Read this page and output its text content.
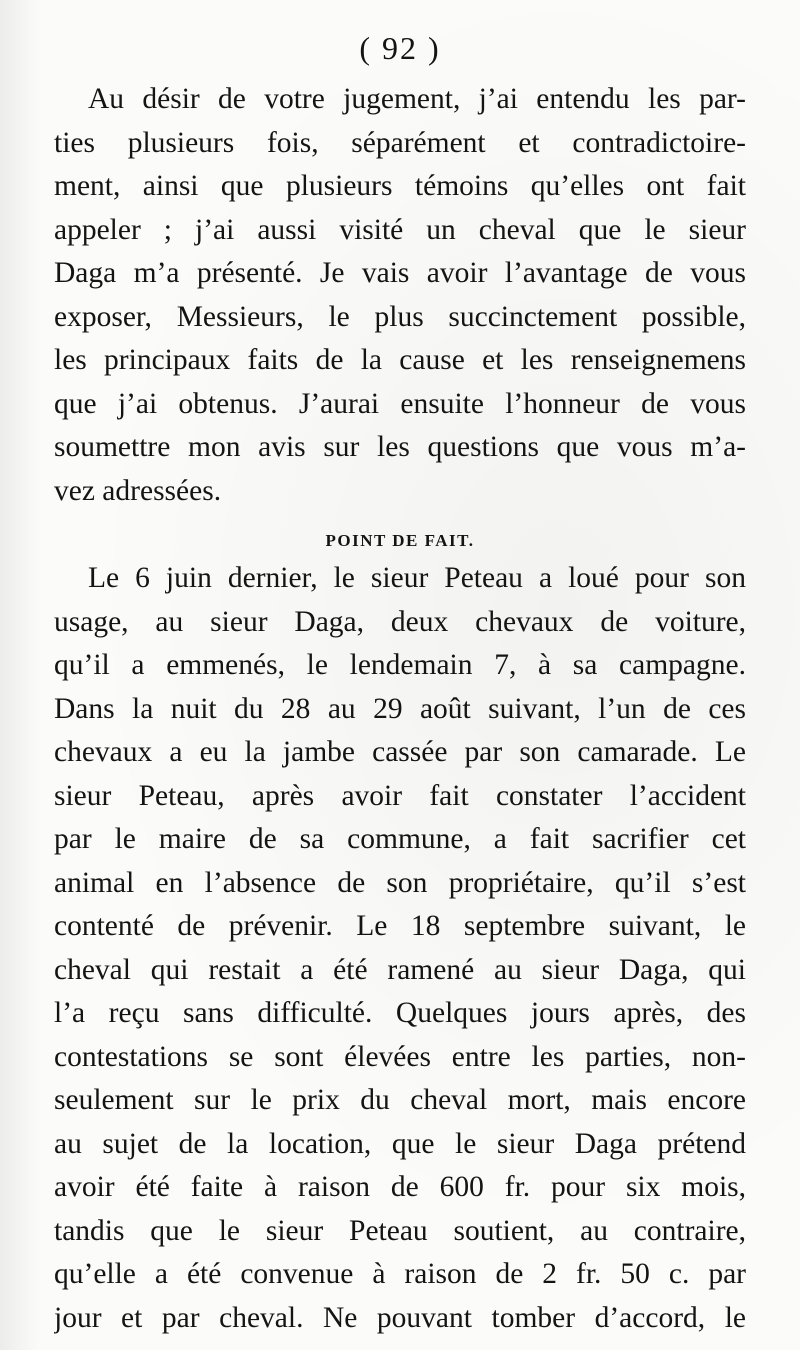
( 92 )
Au désir de votre jugement, j’ai entendu les par-
ties plusieurs fois, séparément et contradictoire-
ment, ainsi que plusieurs témoins qu’elles ont fait
appeler ; j’ai aussi visité un cheval que le sieur
Daga m’a présenté. Je vais avoir l’avantage de vous
exposer, Messieurs, le plus succinctement possible,
les principaux faits de la cause et les renseignemens
que j’ai obtenus. J’aurai ensuite l’honneur de vous
soumettre mon avis sur les questions que vous m’a-
vez adressées.
POINT DE FAIT.
Le 6 juin dernier, le sieur Peteau a loué pour son
usage, au sieur Daga, deux chevaux de voiture,
qu’il a emmenés, le lendemain 7, à sa campagne.
Dans la nuit du 28 au 29 août suivant, l’un de ces
chevaux a eu la jambe cassée par son camarade. Le
sieur Peteau, après avoir fait constater l’accident
par le maire de sa commune, a fait sacrifier cet
animal en l’absence de son propriétaire, qu’il s’est
contenté de prévenir. Le 18 septembre suivant, le
cheval qui restait a été ramené au sieur Daga, qui
l’a reçu sans difficulté. Quelques jours après, des
contestations se sont élevées entre les parties, non-
seulement sur le prix du cheval mort, mais encore
au sujet de la location, que le sieur Daga prétend
avoir été faite à raison de 600 fr. pour six mois,
tandis que le sieur Peteau soutient, au contraire,
qu’elle a été convenue à raison de 2 fr. 50 c. par
jour et par cheval. Ne pouvant tomber d’accord, le
